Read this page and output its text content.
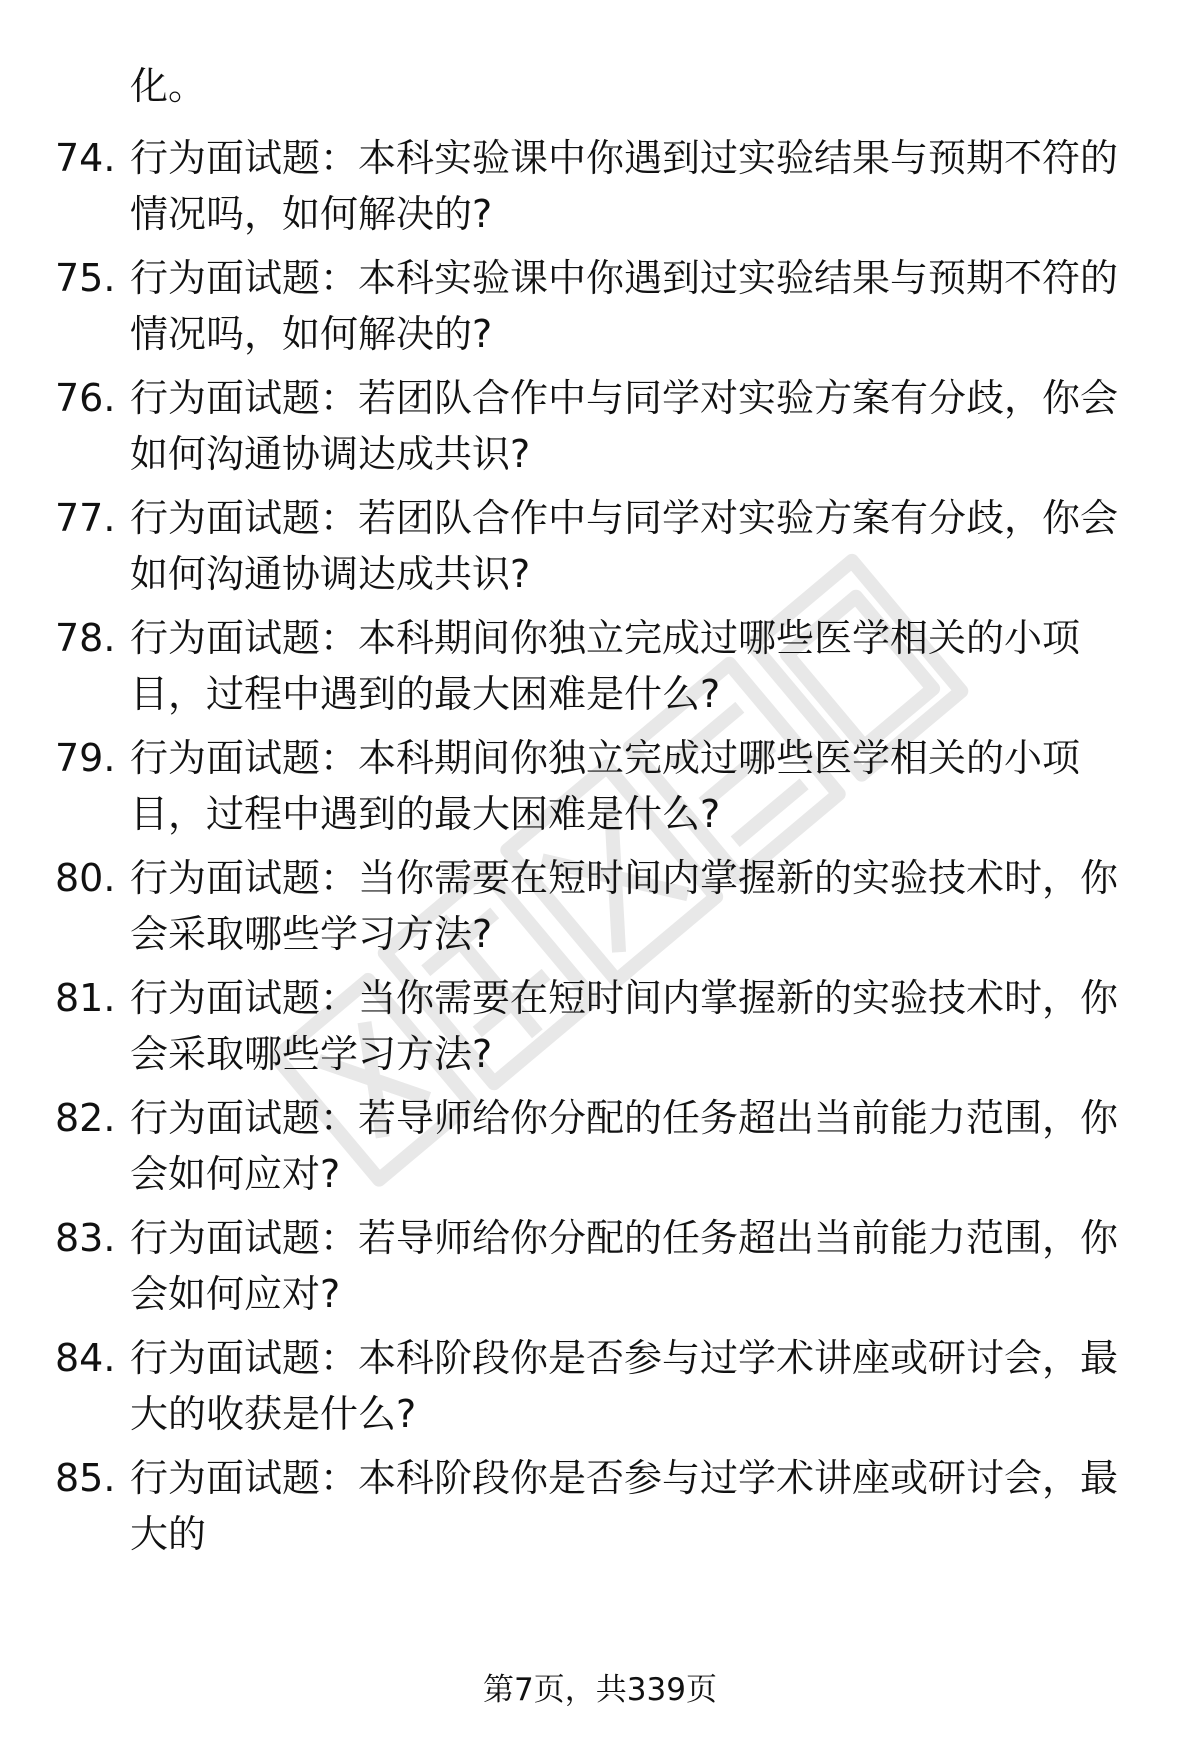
化。
74. 行为面试题：本科实验课中你遇到过实验结果与预期不符的情况吗，如何解决的?
75. 行为面试题：本科实验课中你遇到过实验结果与预期不符的情况吗，如何解决的?
76. 行为面试题：若团队合作中与同学对实验方案有分歧，你会如何沟通协调达成共识?
77. 行为面试题：若团队合作中与同学对实验方案有分歧，你会如何沟通协调达成共识?
78. 行为面试题：本科期间你独立完成过哪些医学相关的小项目，过程中遇到的最大困难是什么?
79. 行为面试题：本科期间你独立完成过哪些医学相关的小项目，过程中遇到的最大困难是什么?
80. 行为面试题：当你需要在短时间内掌握新的实验技术时，你会采取哪些学习方法?
81. 行为面试题：当你需要在短时间内掌握新的实验技术时，你会采取哪些学习方法?
82. 行为面试题：若导师给你分配的任务超出当前能力范围，你会如何应对?
83. 行为面试题：若导师给你分配的任务超出当前能力范围，你会如何应对?
84. 行为面试题：本科阶段你是否参与过学术讲座或研讨会，最大的收获是什么?
85. 行为面试题：本科阶段你是否参与过学术讲座或研讨会，最大的
第7页，共339页
